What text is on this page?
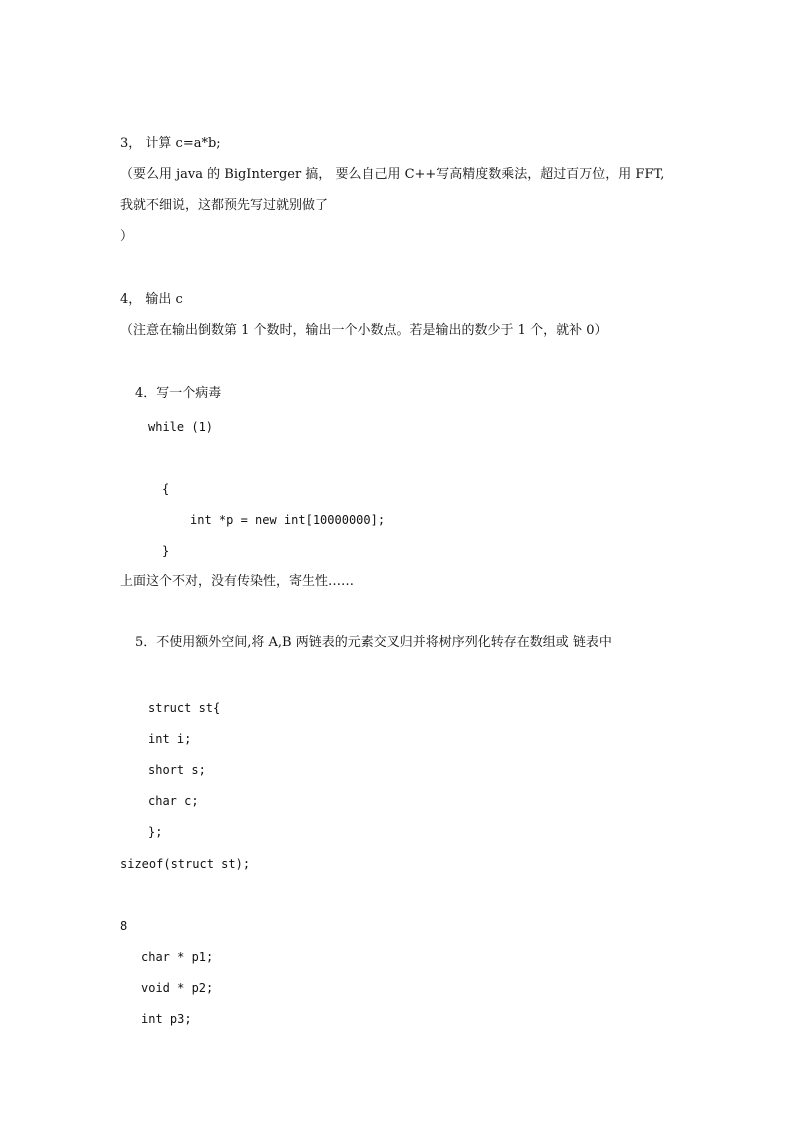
3， 计算 c=a*b;
（要么用 java 的 BigInterger 搞， 要么自己用 C++写高精度数乘法，超过百万位，用 FFT,
我就不细说，这都预先写过就别做了
）
4， 输出 c
（注意在输出倒数第 1 个数时，输出一个小数点。若是输出的数少于 1 个，就补 0）
4．写一个病毒
while (1)
{
int *p = new int[10000000];
}
上面这个不对，没有传染性，寄生性……
5．不使用额外空间,将 A,B 两链表的元素交叉归并将树序列化转存在数组或 链表中
struct st{
int i;
short s;
char c;
};
sizeof(struct st);
8
char * p1;
void * p2;
int p3;
